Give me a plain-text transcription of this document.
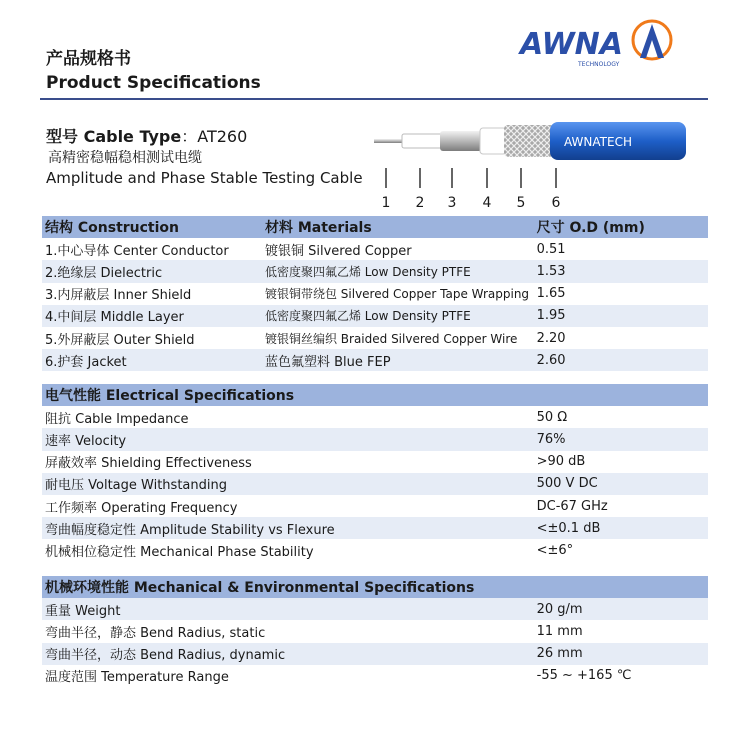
产品规格书
Product Specifications
AWNA
TECHNOLOGY
型号 Cable Type：AT260
高精密稳幅稳相测试电缆
Amplitude and Phase Stable Testing Cable
AWNATECH
1 2 3 4 5 6
结构 Construction	材料 Materials	尺寸 O.D (mm)
1.中心导体 Center Conductor	镀银铜 Silvered Copper	0.51
2.绝缘层 Dielectric	低密度聚四氟乙烯 Low Density PTFE	1.53
3.内屏蔽层 Inner Shield	镀银铜带绕包 Silvered Copper Tape Wrapping	1.65
4.中间层 Middle Layer	低密度聚四氟乙烯 Low Density PTFE	1.95
5.外屏蔽层 Outer Shield	镀银铜丝编织 Braided Silvered Copper Wire	2.20
6.护套 Jacket	蓝色氟塑料 Blue FEP	2.60
电气性能 Electrical Specifications	
阻抗 Cable Impedance	50 Ω
速率 Velocity	76%
屏蔽效率 Shielding Effectiveness	>90 dB
耐电压 Voltage Withstanding	500 V DC
工作频率 Operating Frequency	DC-67 GHz
弯曲幅度稳定性 Amplitude Stability vs Flexure	<±0.1 dB
机械相位稳定性 Mechanical Phase Stability	<±6°
机械环境性能 Mechanical & Environmental Specifications	
重量 Weight	20 g/m
弯曲半径，静态 Bend Radius, static	11 mm
弯曲半径，动态 Bend Radius, dynamic	26 mm
温度范围 Temperature Range	-55 ~ +165 ℃
